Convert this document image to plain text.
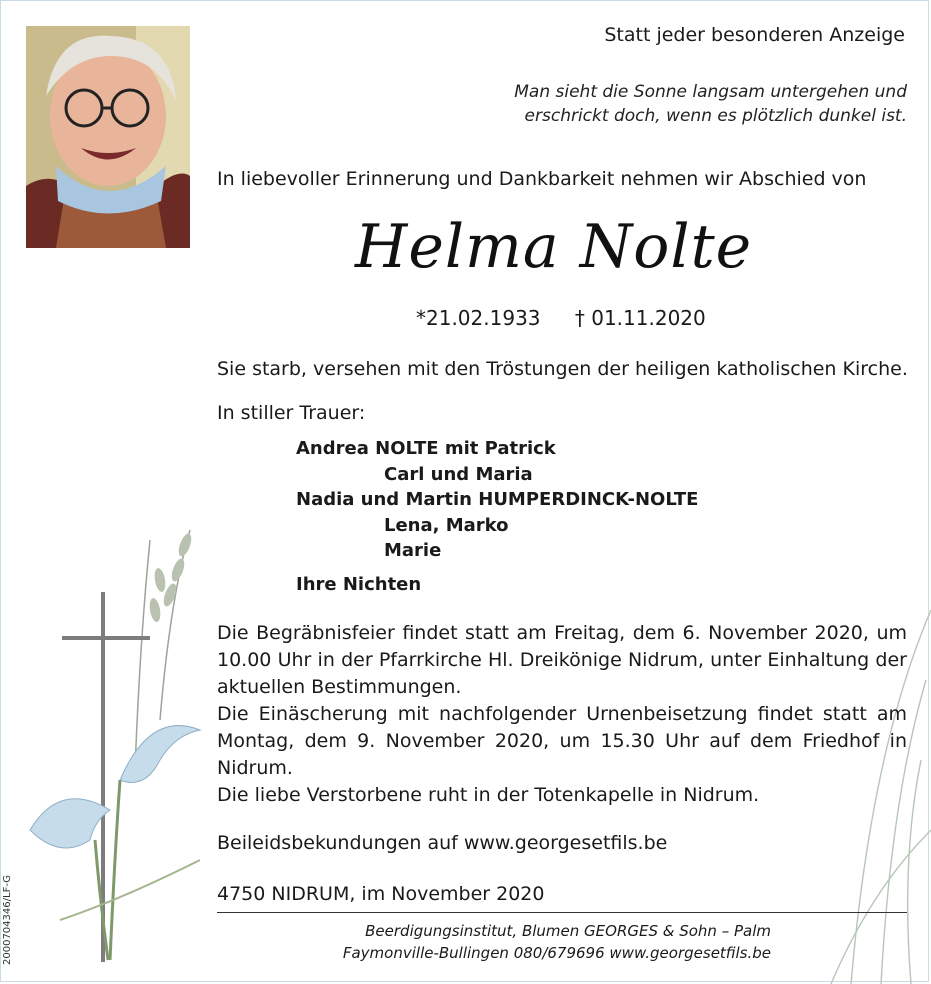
Statt jeder besonderen Anzeige
Man sieht die Sonne langsam untergehen und
erschrickt doch, wenn es plötzlich dunkel ist.
In liebevoller Erinnerung und Dankbarkeit nehmen wir Abschied von
Helma Nolte
*21.02.1933 † 01.11.2020
Sie starb, versehen mit den Tröstungen der heiligen katholischen Kirche.
In stiller Trauer:
Andrea NOLTE mit Patrick
Carl und Maria
Nadia und Martin HUMPERDINCK-NOLTE
Lena, Marko
Marie
Ihre Nichten
Die Begräbnisfeier findet statt am Freitag, dem 6. November 2020, um 10.00 Uhr in der Pfarrkirche Hl. Dreikönige Nidrum, unter Einhaltung der aktuellen Bestimmungen.
Die Einäscherung mit nachfolgender Urnenbeisetzung findet statt am Montag, dem 9. November 2020, um 15.30 Uhr auf dem Friedhof in Nidrum.
Die liebe Verstorbene ruht in der Totenkapelle in Nidrum.
Beileidsbekundungen auf www.georgesetfils.be
4750 NIDRUM, im November 2020
Beerdigungsinstitut, Blumen GEORGES & Sohn – Palm
Faymonville-Bullingen 080/679696 www.georgesetfils.be
2000704346/LF-G
